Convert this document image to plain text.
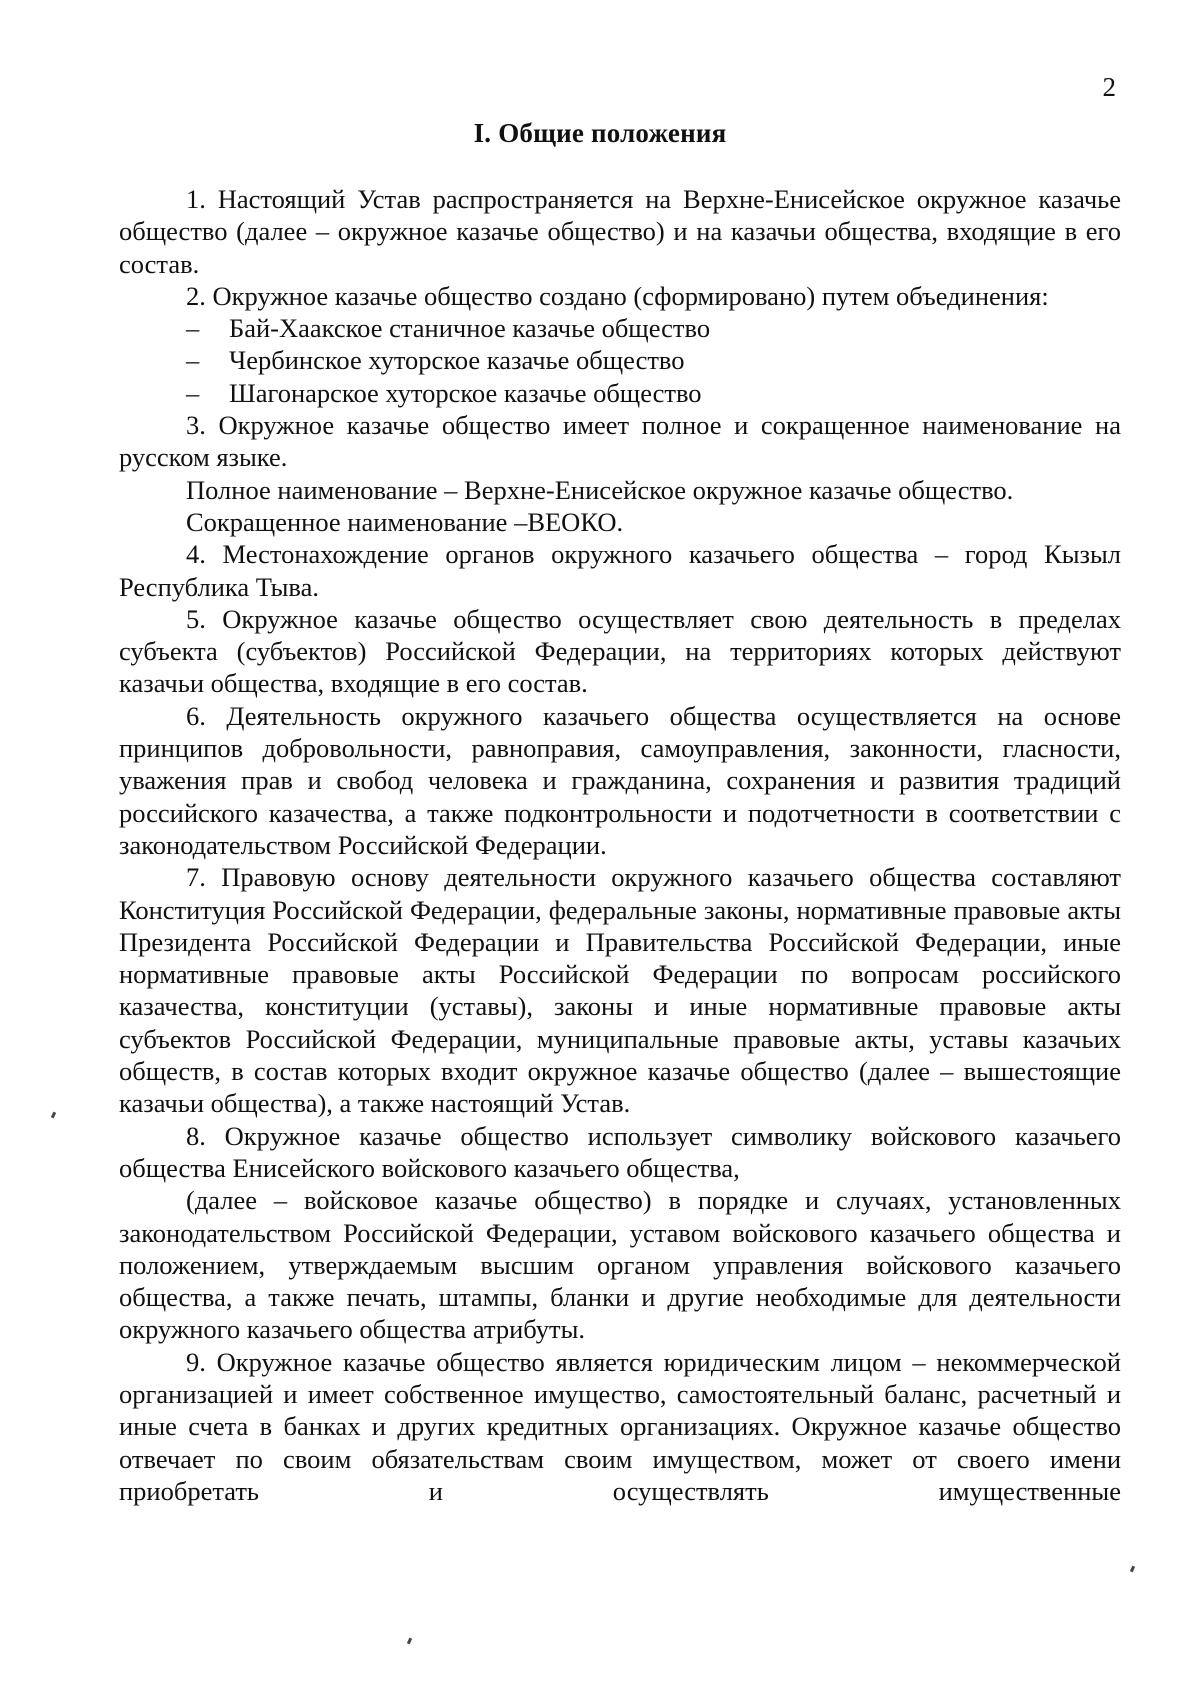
2
I. Общие положения

1. Настоящий Устав распространяется на Верхне-Енисейское окружное казачье общество (далее – окружное казачье общество) и на казачьи общества, входящие в его состав.

2. Окружное казачье общество создано (сформировано) путем объединения:

– Бай-Хаакское станичное казачье общество

– Чербинское хуторское казачье общество

– Шагонарское хуторское казачье общество

3. Окружное казачье общество имеет полное и сокращенное наименование на русском языке.

Полное наименование – Верхне-Енисейское окружное казачье общество.

Сокращенное наименование –ВЕОКО.

4. Местонахождение органов окружного казачьего общества – город Кызыл Республика Тыва.

5. Окружное казачье общество осуществляет свою деятельность в пределах субъекта (субъектов) Российской Федерации, на территориях которых действуют казачьи общества, входящие в его состав.

6. Деятельность окружного казачьего общества осуществляется на основе принципов добровольности, равноправия, самоуправления, законности, гласности, уважения прав и свобод человека и гражданина, сохранения и развития традиций российского казачества, а также подконтрольности и подотчетности в соответствии с законодательством Российской Федерации.

7. Правовую основу деятельности окружного казачьего общества составляют Конституция Российской Федерации, федеральные законы, нормативные правовые акты Президента Российской Федерации и Правительства Российской Федерации, иные нормативные правовые акты Российской Федерации по вопросам российского казачества, конституции (уставы), законы и иные нормативные правовые акты субъектов Российской Федерации, муниципальные правовые акты, уставы казачьих обществ, в состав которых входит окружное казачье общество (далее – вышестоящие казачьи общества), а также настоящий Устав.

8. Окружное казачье общество использует символику войскового казачьего общества Енисейского войскового казачьего общества,

(далее – войсковое казачье общество) в порядке и случаях, установленных законодательством Российской Федерации, уставом войскового казачьего общества и положением, утверждаемым высшим органом управления войскового казачьего общества, а также печать, штампы, бланки и другие необходимые для деятельности окружного казачьего общества атрибуты.

9. Окружное казачье общество является юридическим лицом – некоммерческой организацией и имеет собственное имущество, самостоятельный баланс, расчетный и иные счета в банках и других кредитных организациях. Окружное казачье общество отвечает по своим обязательствам своим имуществом, может от своего имени приобретать и осуществлять имущественные
